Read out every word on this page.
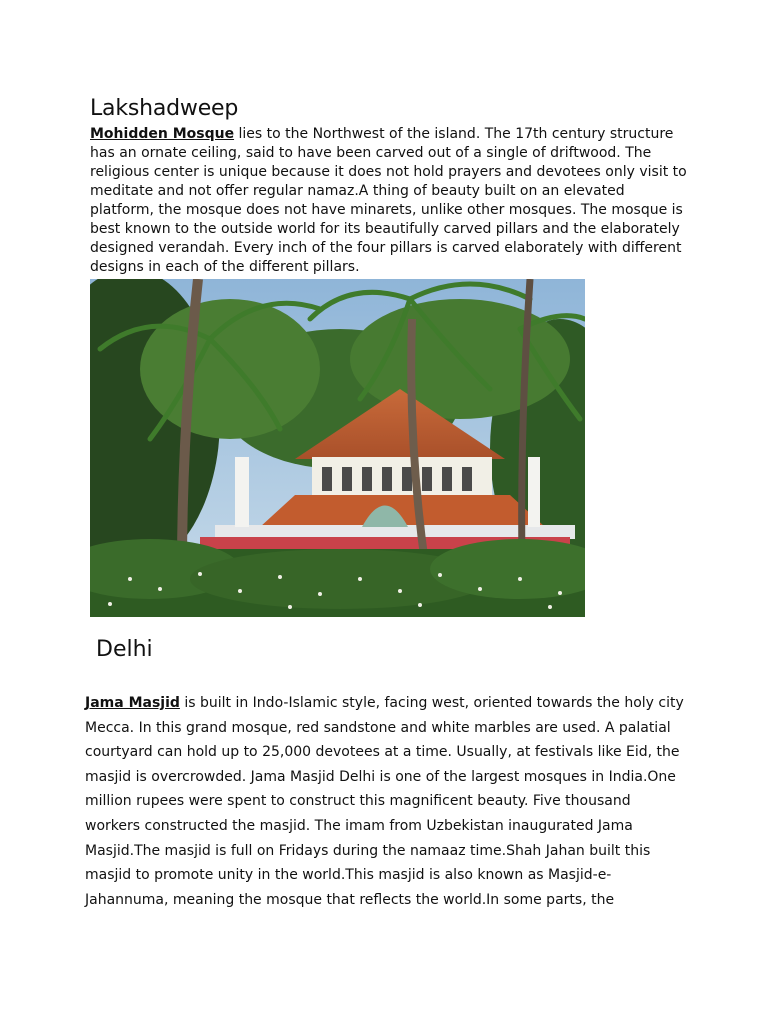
Lakshadweep
Mohidden Mosque lies to the Northwest of the island. The 17th century structure has an ornate ceiling, said to have been carved out of a single of driftwood. The religious center is unique because it does not hold prayers and devotees only visit to meditate and not offer regular namaz.A thing of beauty built on an elevated platform, the mosque does not have minarets, unlike other mosques. The mosque is best known to the outside world for its beautifully carved pillars and the elaborately designed verandah. Every inch of the four pillars is carved elaborately with different designs in each of the different pillars.
Delhi
Jama Masjid is built in Indo-Islamic style, facing west, oriented towards the holy city Mecca. In this grand mosque, red sandstone and white marbles are used. A palatial courtyard can hold up to 25,000 devotees at a time. Usually, at festivals like Eid, the masjid is overcrowded. Jama Masjid Delhi is one of the largest mosques in India.One million rupees were spent to construct this magnificent beauty. Five thousand workers constructed the masjid. The imam from Uzbekistan inaugurated Jama Masjid.The masjid is full on Fridays during the namaaz time.Shah Jahan built this masjid to promote unity in the world.This masjid is also known as Masjid-e-Jahannuma, meaning the mosque that reflects the world.In some parts, the
